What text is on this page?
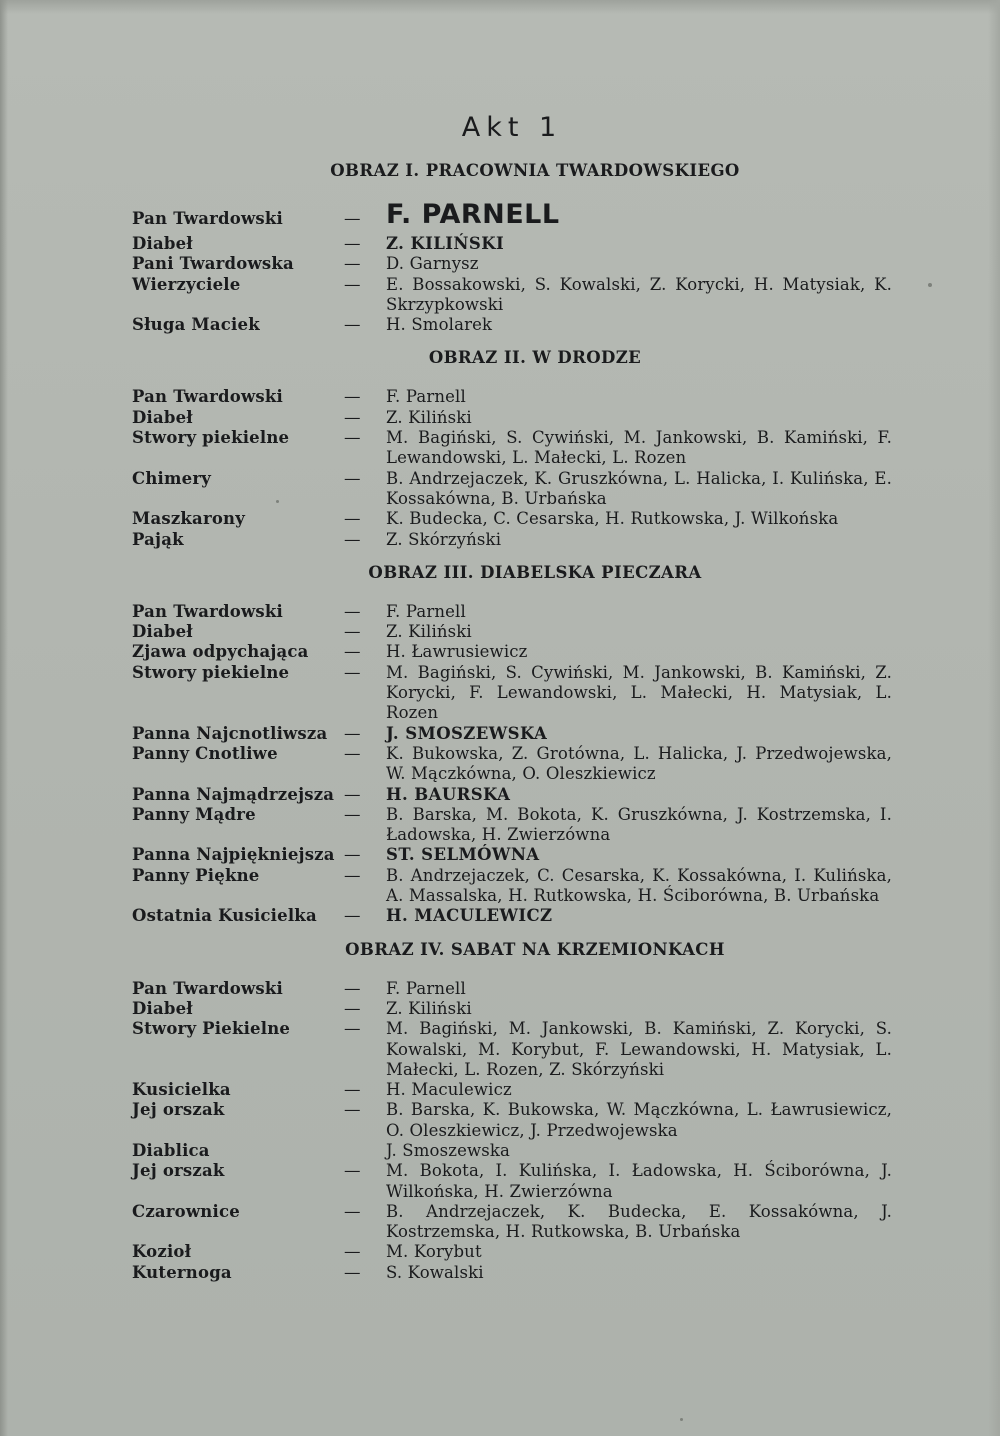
Akt 1
OBRAZ I. PRACOWNIA TWARDOWSKIEGO
Pan Twardowski	— F. PARNELL
Diabeł	—	Z. KILIŃSKI
Pani Twardowska	—	D. Garnysz
Wierzyciele	—	E. Bossakowski, S. Kowalski, Z. Korycki, H. Matysiak, K. Skrzypkowski
Sługa Maciek	—	H. Smolarek
OBRAZ II. W DRODZE
Pan Twardowski	—	F. Parnell
Diabeł	—	Z. Kiliński
Stwory piekielne	—	M. Bagiński, S. Cywiński, M. Jankowski, B. Kamiński, F. Lewandowski, L. Małecki, L. Rozen
Chimery	—	B. Andrzejaczek, K. Gruszkówna, L. Halicka, I. Kulińska, E. Kossakówna, B. Urbańska
Maszkarony	—	K. Budecka, C. Cesarska, H. Rutkowska, J. Wilkońska
Pająk	—	Z. Skórzyński
OBRAZ III. DIABELSKA PIECZARA
Pan Twardowski	—	F. Parnell
Diabeł	—	Z. Kiliński
Zjawa odpychająca	—	H. Ławrusiewicz
Stwory piekielne	—	M. Bagiński, S. Cywiński, M. Jankowski, B. Kamiński, Z. Korycki, F. Lewandowski, L. Małecki, H. Matysiak, L. Rozen
Panna Najcnotliwsza	—	J. SMOSZEWSKA
Panny Cnotliwe	—	K. Bukowska, Z. Grotówna, L. Halicka, J. Przedwojewska, W. Mączkówna, O. Oleszkiewicz
Panna Najmądrzejsza —	H. BAURSKA
Panny Mądre	—	B. Barska, M. Bokota, K. Gruszkówna, J. Kostrzemska, I. Ładowska, H. Zwierzówna
Panna Najpiękniejsza —	ST. SELMÓWNA
Panny Piękne	—	B. Andrzejaczek, C. Cesarska, K. Kossakówna, I. Kulińska, A. Massalska, H. Rutkowska, H. Ściborówna, B. Urbańska
Ostatnia Kusicielka	—	H. MACULEWICZ
OBRAZ IV. SABAT NA KRZEMIONKACH
Pan Twardowski	—	F. Parnell
Diabeł	—	Z. Kiliński
Stwory Piekielne	—	M. Bagiński, M. Jankowski, B. Kamiński, Z. Korycki, S. Kowalski, M. Korybut, F. Lewandowski, H. Matysiak, L. Małecki, L. Rozen, Z. Skórzyński
Kusicielka	—	H. Maculewicz
Jej orszak	—	B. Barska, K. Bukowska, W. Mączkówna, L. Ławrusiewicz, O. Oleszkiewicz, J. Przedwojewska
Diablica	J. Smoszewska
Jej orszak	—	M. Bokota, I. Kulińska, I. Ładowska, H. Ściborówna, J. Wilkońska, H. Zwierzówna
Czarownice	—	B. Andrzejaczek, K. Budecka, E. Kossakówna, J. Kostrzemska, H. Rutkowska, B. Urbańska
Kozioł	—	M. Korybut
Kuternoga	—	S. Kowalski
